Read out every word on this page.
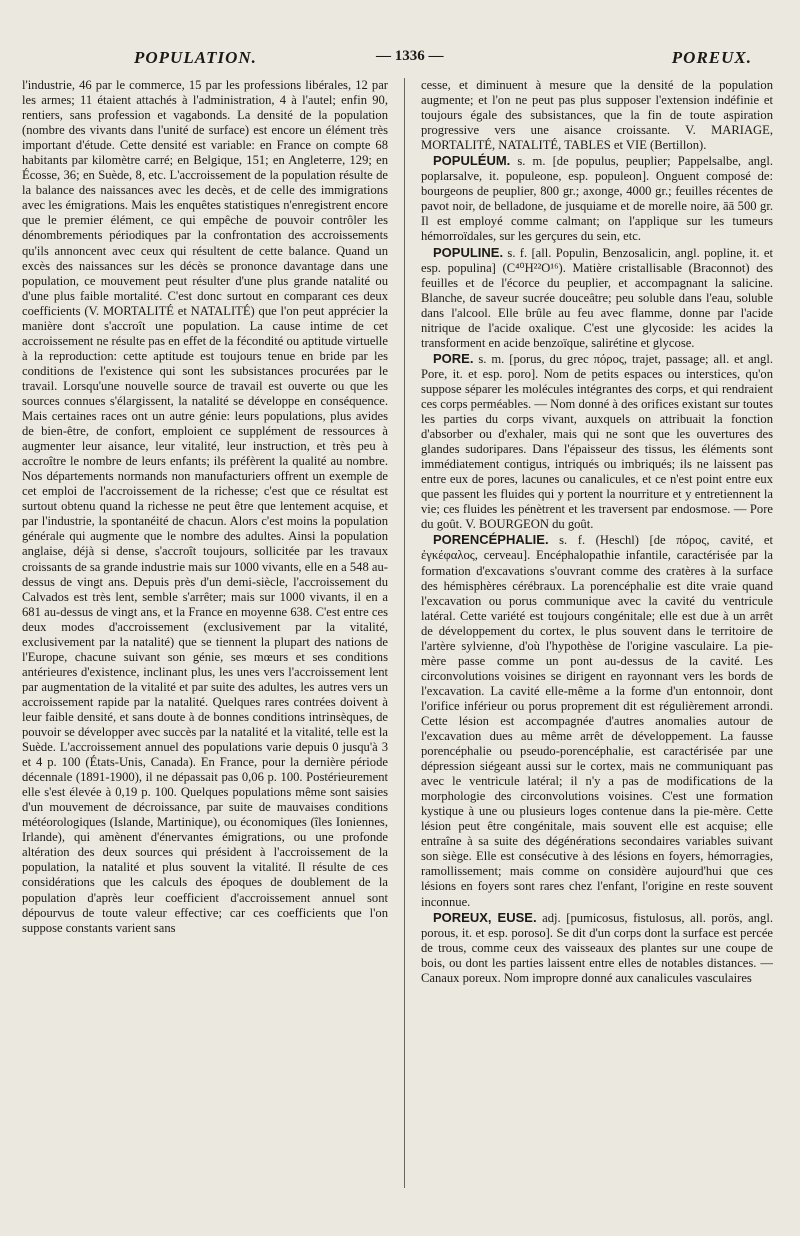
POPULATION.	— 1336 —	POREUX.

l'industrie, 46 par le commerce, 15 par les professions libérales, 12 par les armes; 11 étaient attachés à l'administration, 4 à l'autel; enfin 90, rentiers, sans profession et vagabonds. La densité de la population (nombre des vivants dans l'unité de surface) est encore un élément très important d'étude. Cette densité est variable: en France on compte 68 habitants par kilomètre carré; en Belgique, 151; en Angleterre, 129; en Écosse, 36; en Suède, 8, etc. L'accroissement de la population résulte de la balance des naissances avec les decès, et de celle des immigrations avec les émigrations. Mais les enquêtes statistiques n'enregistrent encore que le premier élément, ce qui empêche de pouvoir contrôler les dénombrements périodiques par la confrontation des accroissements qu'ils annoncent avec ceux qui résultent de cette balance. Quand un excès des naissances sur les décès se prononce davantage dans une population, ce mouvement peut résulter d'une plus grande natalité ou d'une plus faible mortalité. C'est donc surtout en comparant ces deux coefficients (V. MORTALITÉ et NATALITÉ) que l'on peut apprécier la manière dont s'accroît une population. La cause intime de cet accroissement ne résulte pas en effet de la fécondité ou aptitude virtuelle à la reproduction: cette aptitude est toujours tenue en bride par les conditions de l'existence qui sont les subsistances procurées par le travail. Lorsqu'une nouvelle source de travail est ouverte ou que les sources connues s'élargissent, la natalité se développe en conséquence. Mais certaines races ont un autre génie: leurs populations, plus avides de bien-être, de confort, emploient ce supplément de ressources à augmenter leur aisance, leur vitalité, leur instruction, et très peu à accroître le nombre de leurs enfants; ils préfèrent la qualité au nombre. Nos départements normands non manufacturiers offrent un exemple de cet emploi de l'accroissement de la richesse; c'est que ce résultat est surtout obtenu quand la richesse ne peut être que lentement acquise, et par l'industrie, la spontanéité de chacun. Alors c'est moins la population générale qui augmente que le nombre des adultes. Ainsi la population anglaise, déjà si dense, s'accroît toujours, sollicitée par les travaux croissants de sa grande industrie mais sur 1000 vivants, elle en a 548 au-dessus de vingt ans. Depuis près d'un demi-siècle, l'accroissement du Calvados est très lent, semble s'arrêter; mais sur 1000 vivants, il en a 681 au-dessus de vingt ans, et la France en moyenne 638. C'est entre ces deux modes d'accroissement (exclusivement par la vitalité, exclusivement par la natalité) que se tiennent la plupart des nations de l'Europe, chacune suivant son génie, ses mœurs et ses conditions antérieures d'existence, inclinant plus, les unes vers l'accroissement lent par augmentation de la vitalité et par suite des adultes, les autres vers un accroissement rapide par la natalité. Quelques rares contrées doivent à leur faible densité, et sans doute à de bonnes conditions intrinsèques, de pouvoir se développer avec succès par la natalité et la vitalité, telle est la Suède. L'accroissement annuel des populations varie depuis 0 jusqu'à 3 et 4 p. 100 (États-Unis, Canada). En France, pour la dernière période décennale (1891-1900), il ne dépassait pas 0,06 p. 100. Postérieurement elle s'est élevée à 0,19 p. 100. Quelques populations même sont saisies d'un mouvement de décroissance, par suite de mauvaises conditions météorologiques (Islande, Martinique), ou économiques (îles Ioniennes, Irlande), qui amènent d'énervantes émigrations, ou une profonde altération des deux sources qui président à l'accroissement de la population, la natalité et plus souvent la vitalité. Il résulte de ces considérations que les calculs des époques de doublement de la population d'après leur coefficient d'accroissement annuel sont dépourvus de toute valeur effective; car ces coefficients que l'on suppose constants varient sans

cesse, et diminuent à mesure que la densité de la population augmente; et l'on ne peut pas plus supposer l'extension indéfinie et toujours égale des subsistances, que la fin de toute aspiration progressive vers une aisance croissante. V. MARIAGE, MORTALITÉ, NATALITÉ, TABLES et VIE (Bertillon).

POPULÉUM. s. m. [de populus, peuplier; Pappelsalbe, angl. poplarsalve, it. populeone, esp. populeon]. Onguent composé de: bourgeons de peuplier, 800 gr.; axonge, 4000 gr.; feuilles récentes de pavot noir, de belladone, de jusquiame et de morelle noire, āā 500 gr. Il est employé comme calmant; on l'applique sur les tumeurs hémorroïdales, sur les gerçures du sein, etc.

POPULINE. s. f. [all. Populin, Benzosalicin, angl. popline, it. et esp. populina] (C⁴⁰H²²O¹⁶). Matière cristallisable (Braconnot) des feuilles et de l'écorce du peuplier, et accompagnant la salicine. Blanche, de saveur sucrée douceâtre; peu soluble dans l'eau, soluble dans l'alcool. Elle brûle au feu avec flamme, donne par l'acide nitrique de l'acide oxalique. C'est une glycoside: les acides la transforment en acide benzoïque, salirétine et glycose.

PORE. s. m. [porus, du grec πόρος, trajet, passage; all. et angl. Pore, it. et esp. poro]. Nom de petits espaces ou interstices, qu'on suppose séparer les molécules intégrantes des corps, et qui rendraient ces corps perméables. — Nom donné à des orifices existant sur toutes les parties du corps vivant, auxquels on attribuait la fonction d'absorber ou d'exhaler, mais qui ne sont que les ouvertures des glandes sudoripares. Dans l'épaisseur des tissus, les éléments sont immédiatement contigus, intriqués ou imbriqués; ils ne laissent pas entre eux de pores, lacunes ou canalicules, et ce n'est point entre eux que passent les fluides qui y portent la nourriture et y entretiennent la vie; ces fluides les pénètrent et les traversent par endosmose. — Pore du goût. V. BOURGEON du goût.

PORENCÉPHALIE. s. f. (Heschl) [de πόρος, cavité, et ἐγκέφαλος, cerveau]. Encéphalopathie infantile, caractérisée par la formation d'excavations s'ouvrant comme des cratères à la surface des hémisphères cérébraux. La porencéphalie est dite vraie quand l'excavation ou porus communique avec la cavité du ventricule latéral. Cette variété est toujours congénitale; elle est due à un arrêt de développement du cortex, le plus souvent dans le territoire de l'artère sylvienne, d'où l'hypothèse de l'origine vasculaire. La pie-mère passe comme un pont au-dessus de la cavité. Les circonvolutions voisines se dirigent en rayonnant vers les bords de l'excavation. La cavité elle-même a la forme d'un entonnoir, dont l'orifice inférieur ou porus proprement dit est régulièrement arrondi. Cette lésion est accompagnée d'autres anomalies autour de l'excavation dues au même arrêt de développement. La fausse porencéphalie ou pseudo-porencéphalie, est caractérisée par une dépression siégeant aussi sur le cortex, mais ne communiquant pas avec le ventricule latéral; il n'y a pas de modifications de la morphologie des circonvolutions voisines. C'est une formation kystique à une ou plusieurs loges contenue dans la pie-mère. Cette lésion peut être congénitale, mais souvent elle est acquise; elle entraîne à sa suite des dégénérations secondaires variables suivant son siège. Elle est consécutive à des lésions en foyers, hémorragies, ramollissement; mais comme on considère aujourd'hui que ces lésions en foyers sont rares chez l'enfant, l'origine en reste souvent inconnue.

POREUX, EUSE. adj. [pumicosus, fistulosus, all. porös, angl. porous, it. et esp. poroso]. Se dit d'un corps dont la surface est percée de trous, comme ceux des vaisseaux des plantes sur une coupe de bois, ou dont les parties laissent entre elles de notables distances. — Canaux poreux. Nom impropre donné aux canalicules vasculaires
